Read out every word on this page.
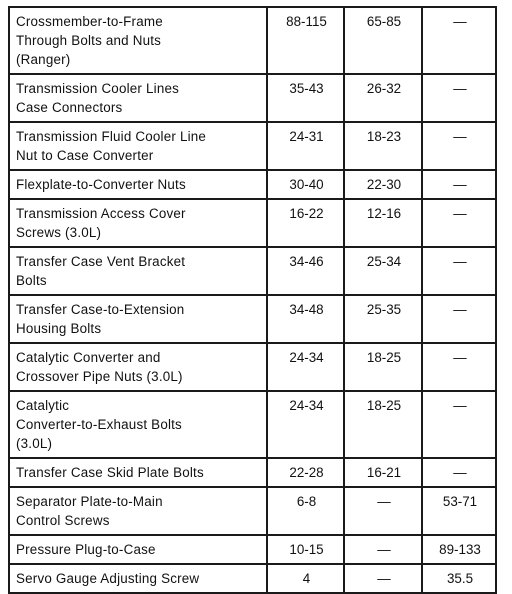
Crossmember-to-Frame
Through Bolts and Nuts
(Ranger)	88-115	65-85	—

Transmission Cooler Lines
Case Connectors	35-43	26-32	—

Transmission Fluid Cooler Line
Nut to Case Converter	24-31	18-23	—

Flexplate-to-Converter Nuts	30-40	22-30	—

Transmission Access Cover
Screws (3.0L)	16-22	12-16	—

Transfer Case Vent Bracket
Bolts	34-46	25-34	—

Transfer Case-to-Extension
Housing Bolts	34-48	25-35	—

Catalytic Converter and
Crossover Pipe Nuts (3.0L)	24-34	18-25	—

Catalytic
Converter-to-Exhaust Bolts
(3.0L)	24-34	18-25	—

Transfer Case Skid Plate Bolts	22-28	16-21	—

Separator Plate-to-Main
Control Screws	6-8	—	53-71

Pressure Plug-to-Case	10-15	—	89-133

Servo Gauge Adjusting Screw	4	—	35.5
